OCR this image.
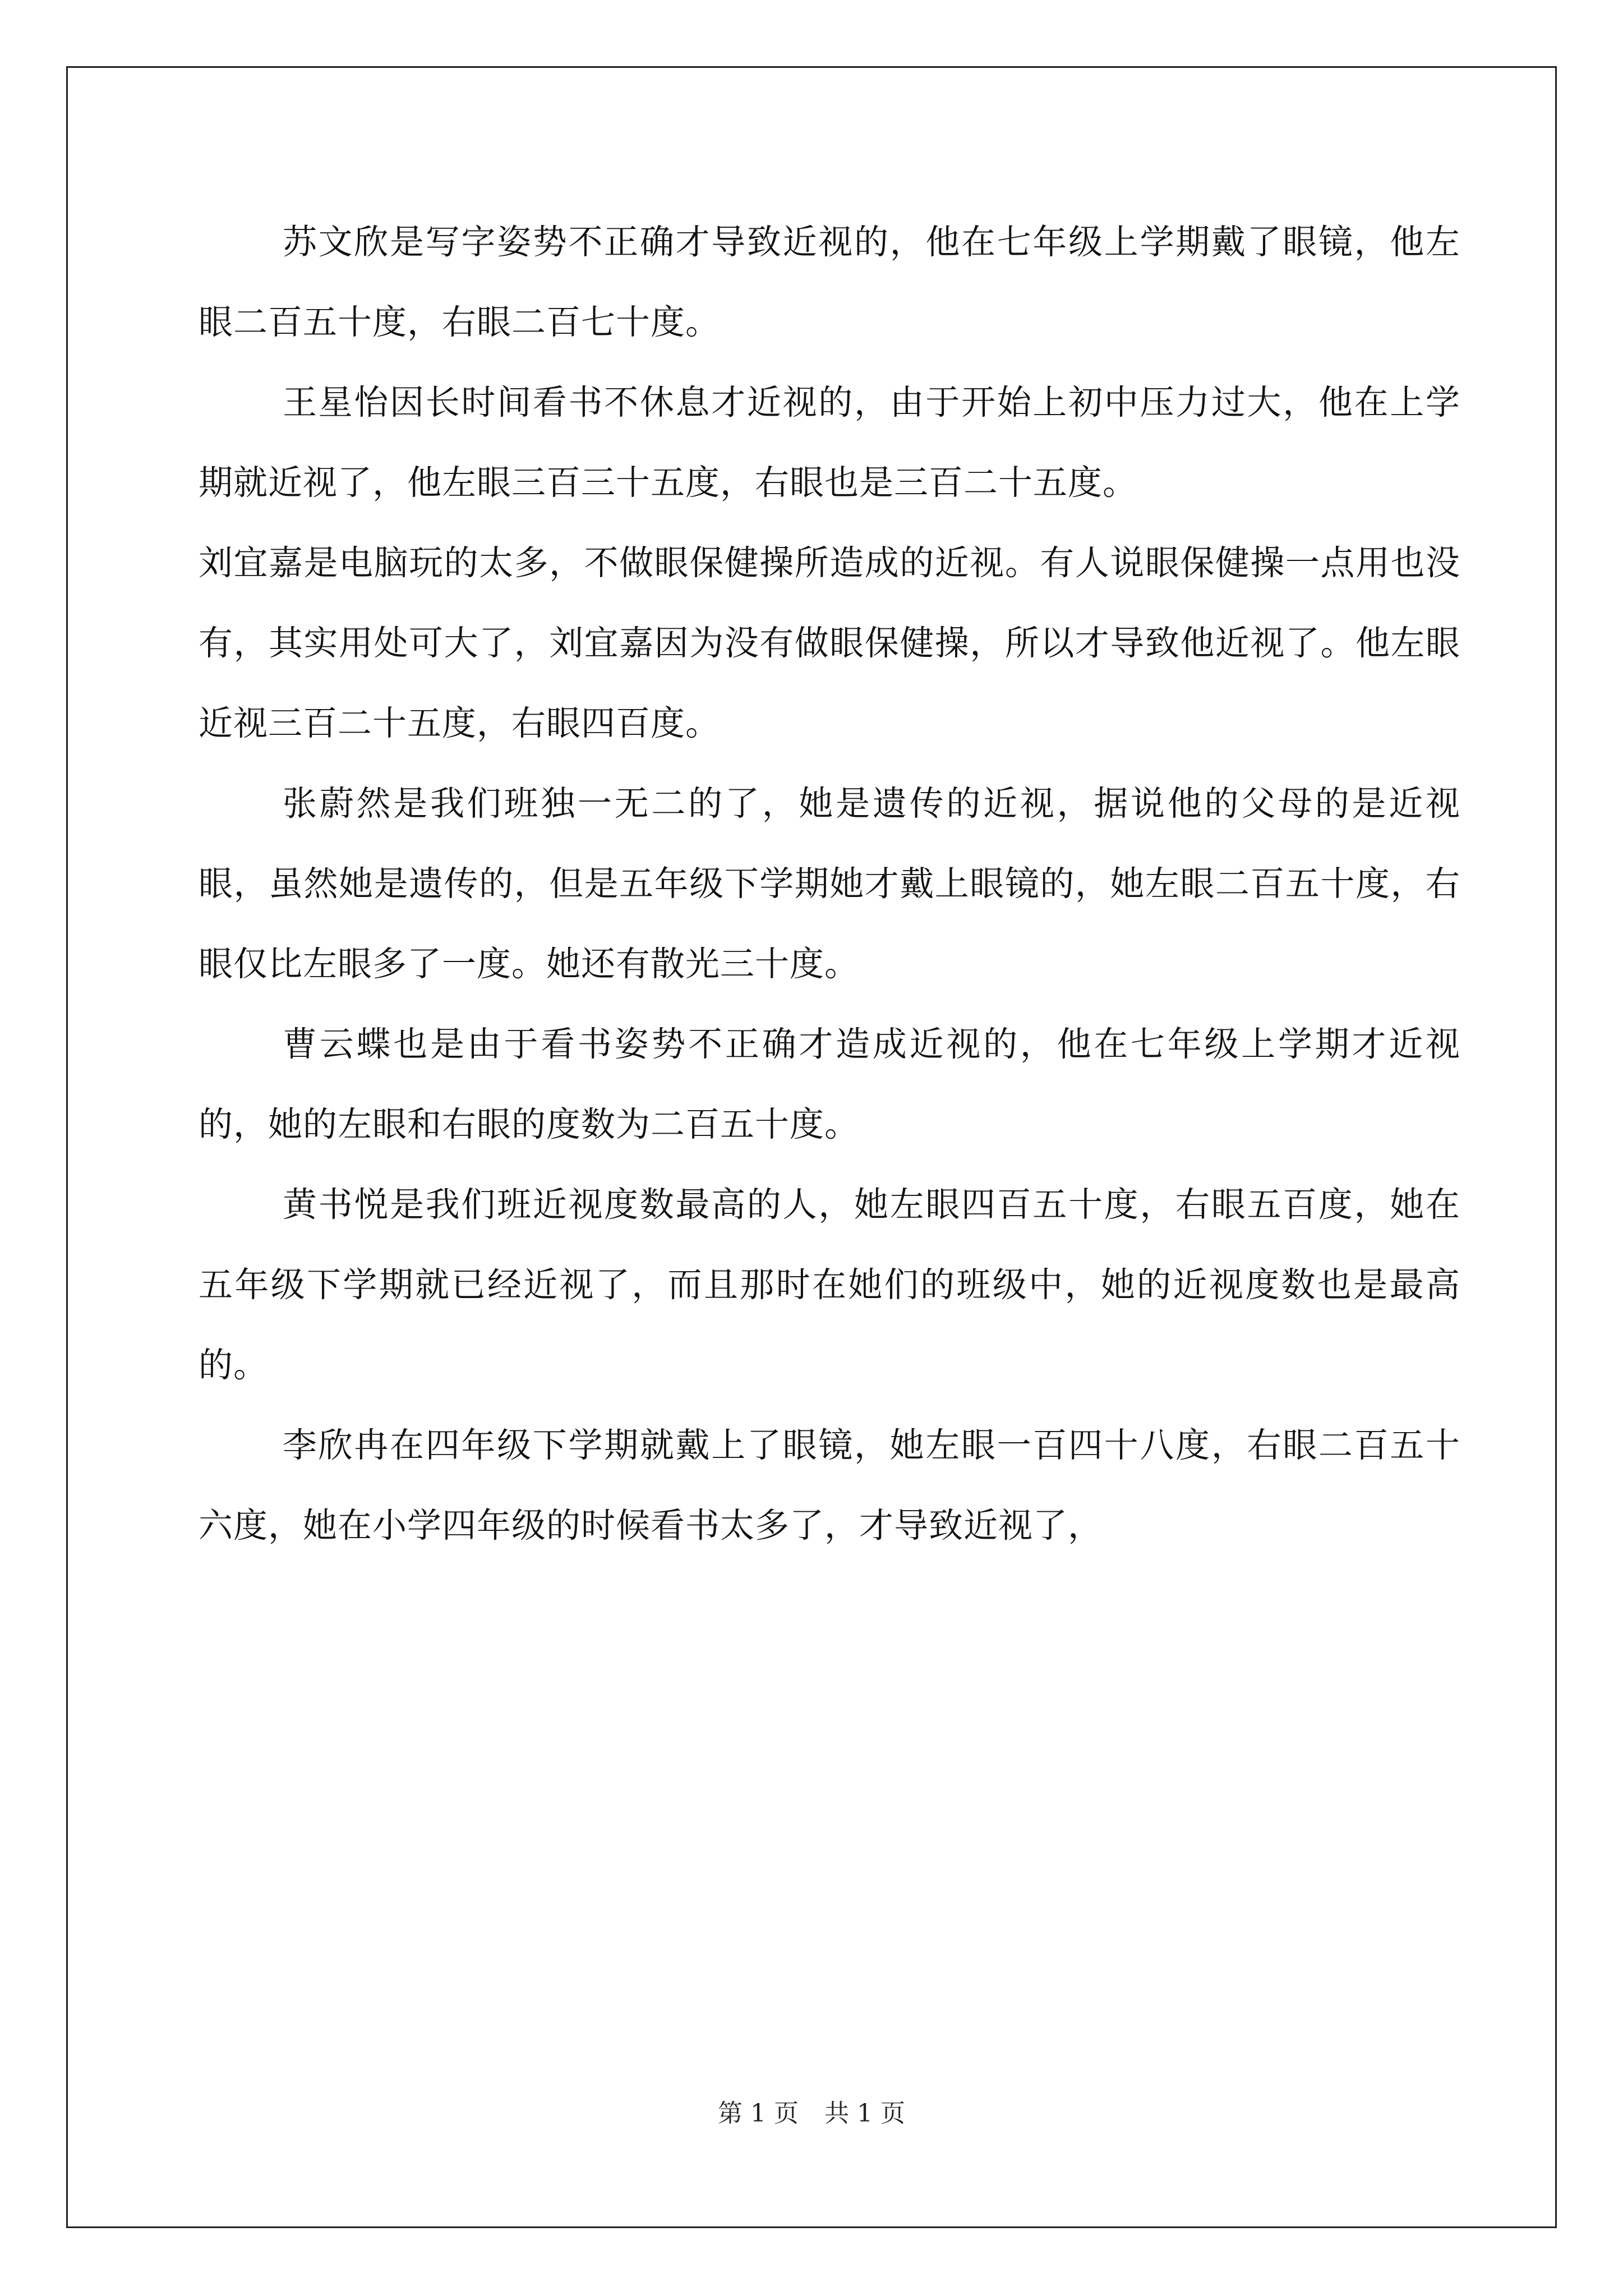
苏文欣是写字姿势不正确才导致近视的，他在七年级上学期戴了眼镜，他左眼二百五十度，右眼二百七十度。

王星怡因长时间看书不休息才近视的，由于开始上初中压力过大，他在上学期就近视了，他左眼三百三十五度，右眼也是三百二十五度。

刘宜嘉是电脑玩的太多，不做眼保健操所造成的近视。有人说眼保健操一点用也没有，其实用处可大了，刘宜嘉因为没有做眼保健操，所以才导致他近视了。他左眼近视三百二十五度，右眼四百度。

张蔚然是我们班独一无二的了，她是遗传的近视，据说他的父母的是近视眼，虽然她是遗传的，但是五年级下学期她才戴上眼镜的，她左眼二百五十度，右眼仅比左眼多了一度。她还有散光三十度。

曹云蝶也是由于看书姿势不正确才造成近视的，他在七年级上学期才近视的，她的左眼和右眼的度数为二百五十度。

黄书悦是我们班近视度数最高的人，她左眼四百五十度，右眼五百度，她在五年级下学期就已经近视了，而且那时在她们的班级中，她的近视度数也是最高的。

李欣冉在四年级下学期就戴上了眼镜，她左眼一百四十八度，右眼二百五十六度，她在小学四年级的时候看书太多了，才导致近视了，

第 1 页 共 1 页
